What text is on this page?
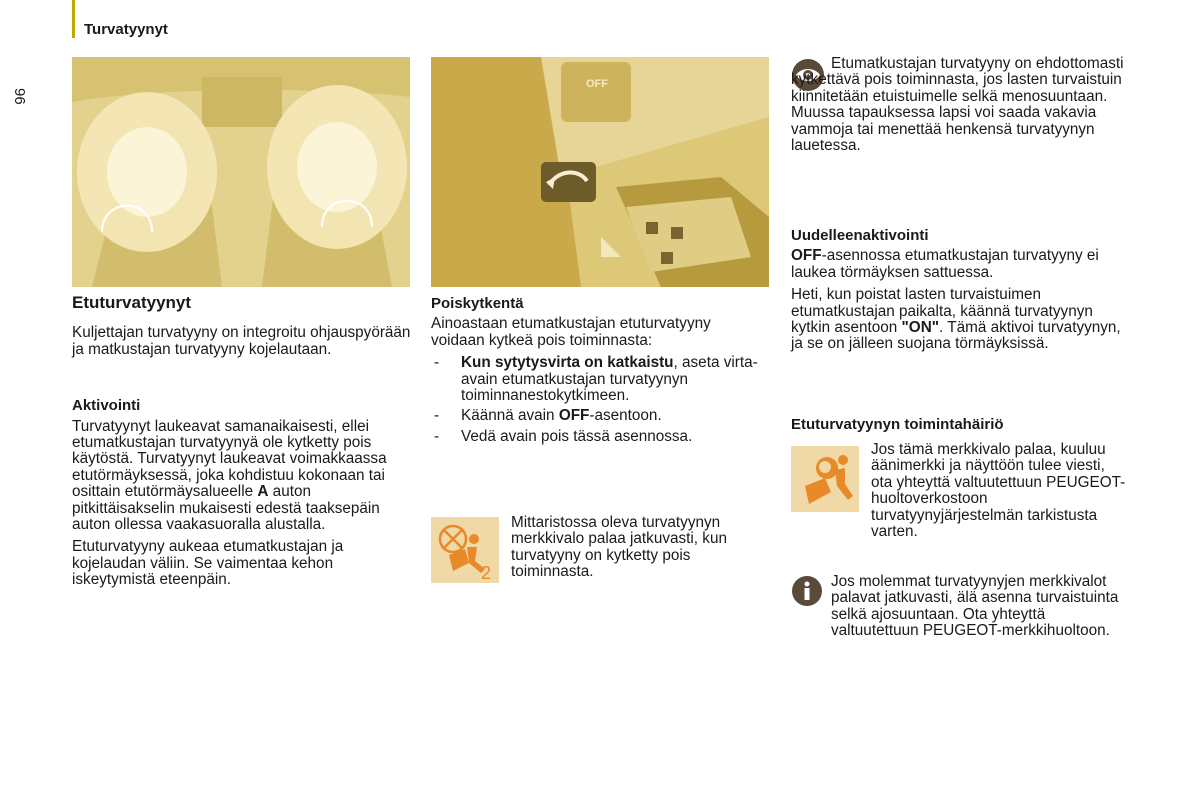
Turvatyynyt
96
OFF
Etuturvatyynyt

Kuljettajan turvatyyny on integroitu ohjauspyörään ja matkustajan turvatyyny kojelautaan.

Aktivointi

Turvatyynyt laukeavat samanaikaisesti, ellei etumatkustajan turvatyynyä ole kytketty pois käytöstä. Turvatyynyt laukeavat voimakkaassa etutörmäyksessä, joka kohdistuu kokonaan tai osittain etutörmäysalueelle A auton pitkittäisakselin mukaisesti edestä taaksepäin auton ollessa vaakasuoralla alustalla.

Etuturvatyyny aukeaa etumatkustajan ja kojelaudan väliin. Se vaimentaa kehon iskeytymistä eteenpäin.

Poiskytkentä

Ainoastaan etumatkustajan etuturvatyyny voidaan kytkeä pois toiminnasta:

- Kun sytytysvirta on katkaistu, aseta virta-avain etumatkustajan turvatyynyn toiminnanestokytkimeen.
- Käännä avain OFF-asentoon.
- Vedä avain pois tässä asennossa.
2
Mittaristossa oleva turvatyynyn merkkivalo palaa jatkuvasti, kun turvatyyny on kytketty pois toiminnasta.
Etumatkustajan turvatyyny on ehdottomasti kytkettävä pois toiminnasta, jos lasten turvaistuin kiinnitetään etuistuimelle selkä menosuuntaan. Muussa tapauksessa lapsi voi saada vakavia vammoja tai menettää henkensä turvatyynyn lauetessa.
Uudelleenaktivointi

OFF-asennossa etumatkustajan turvatyyny ei laukea törmäyksen sattuessa.

Heti, kun poistat lasten turvaistuimen etumatkustajan paikalta, käännä turvatyynyn kytkin asentoon "ON". Tämä aktivoi turvatyynyn, ja se on jälleen suojana törmäyksissä.

Etuturvatyynyn toimintahäiriö
Jos tämä merkkivalo palaa, kuuluu äänimerkki ja näyttöön tulee viesti, ota yhteyttä valtuutettuun PEUGEOT-huoltoverkostoon turvatyynyjärjestelmän tarkistusta varten.
Jos molemmat turvatyynyjen merkkivalot palavat jatkuvasti, älä asenna turvaistuinta selkä ajosuuntaan. Ota yhteyttä valtuutettuun PEUGEOT-merkkihuoltoon.
